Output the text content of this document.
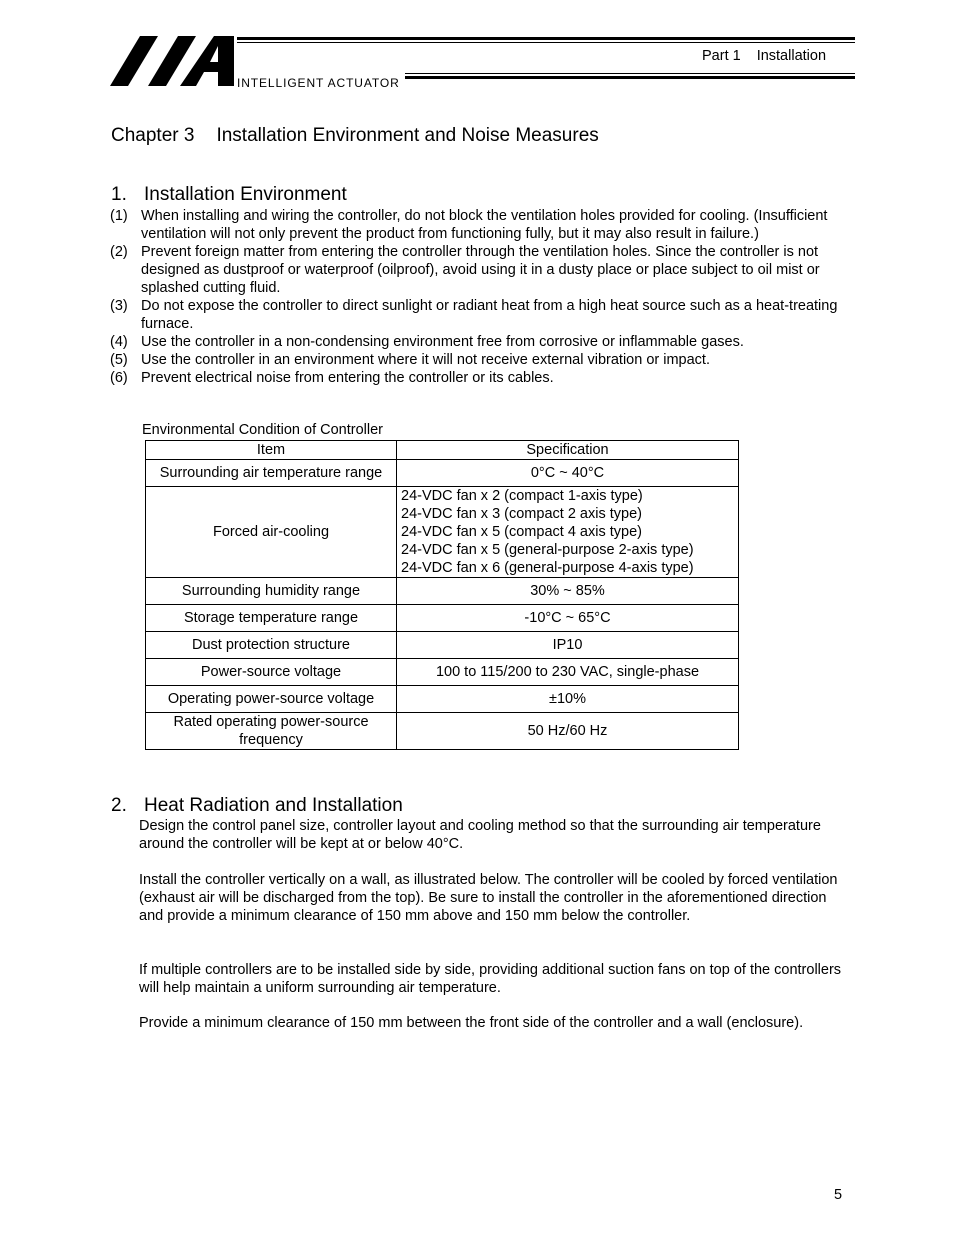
INTELLIGENT ACTUATOR
Part 1 Installation
Chapter 3 Installation Environment and Noise Measures
1. Installation Environment
(1) When installing and wiring the controller, do not block the ventilation holes provided for cooling. (Insufficient ventilation will not only prevent the product from functioning fully, but it may also result in failure.)
(2) Prevent foreign matter from entering the controller through the ventilation holes. Since the controller is not designed as dustproof or waterproof (oilproof), avoid using it in a dusty place or place subject to oil mist or splashed cutting fluid.
(3) Do not expose the controller to direct sunlight or radiant heat from a high heat source such as a heat-treating furnace.
(4) Use the controller in a non-condensing environment free from corrosive or inflammable gases.
(5) Use the controller in an environment where it will not receive external vibration or impact.
(6) Prevent electrical noise from entering the controller or its cables.
Environmental Condition of Controller
Item	Specification
Surrounding air temperature range	0°C ~ 40°C
Forced air-cooling	24-VDC fan x 2 (compact 1-axis type)
24-VDC fan x 3 (compact 2 axis type)
24-VDC fan x 5 (compact 4 axis type)
24-VDC fan x 5 (general-purpose 2-axis type)
24-VDC fan x 6 (general-purpose 4-axis type)

Surrounding humidity range	30% ~ 85%
Storage temperature range	-10°C ~ 65°C
Dust protection structure	IP10
Power-source voltage	100 to 115/200 to 230 VAC, single-phase
Operating power-source voltage	±10%

Rated operating power-source
frequency	50 Hz/60 Hz
2. Heat Radiation and Installation
Design the control panel size, controller layout and cooling method so that the surrounding air temperature around the controller will be kept at or below 40°C.
Install the controller vertically on a wall, as illustrated below. The controller will be cooled by forced ventilation (exhaust air will be discharged from the top). Be sure to install the controller in the aforementioned direction and provide a minimum clearance of 150 mm above and 150 mm below the controller.
If multiple controllers are to be installed side by side, providing additional suction fans on top of the controllers will help maintain a uniform surrounding air temperature.
Provide a minimum clearance of 150 mm between the front side of the controller and a wall (enclosure).
5
